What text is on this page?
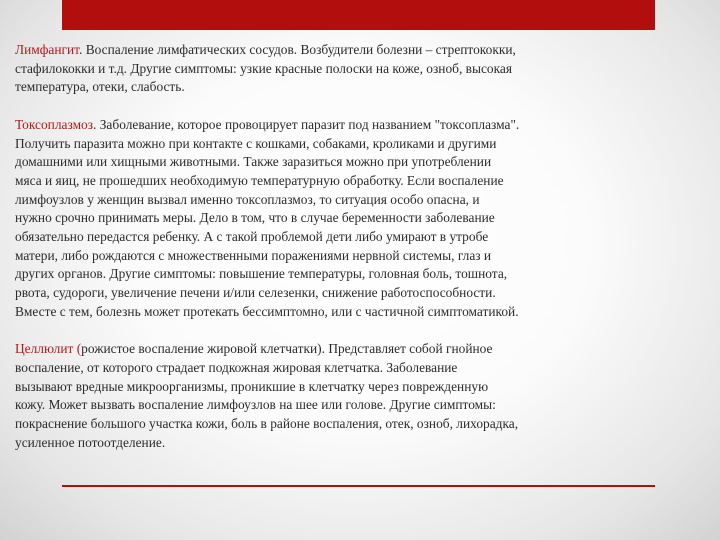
Лимфангит. Воспаление лимфатических сосудов. Возбудители болезни – стрептококки,
стафилококки и т.д. Другие симптомы: узкие красные полоски на коже, озноб, высокая
температура, отеки, слабость.

Токсоплазмоз. Заболевание, которое провоцирует паразит под названием "токсоплазма".
Получить паразита можно при контакте с кошками, собаками, кроликами и другими
домашними или хищными животными. Также заразиться можно при употреблении
мяса и яиц, не прошедших необходимую температурную обработку. Если воспаление
лимфоузлов у женщин вызвал именно токсоплазмоз, то ситуация особо опасна, и
нужно срочно принимать меры. Дело в том, что в случае беременности заболевание
обязательно передастся ребенку. А с такой проблемой дети либо умирают в утробе
матери, либо рождаются с множественными поражениями нервной системы, глаз и
других органов. Другие симптомы: повышение температуры, головная боль, тошнота,
рвота, судороги, увеличение печени и/или селезенки, снижение работоспособности.
Вместе с тем, болезнь может протекать бессимптомно, или с частичной симптоматикой.

Целлюлит (рожистое воспаление жировой клетчатки). Представляет собой гнойное
воспаление, от которого страдает подкожная жировая клетчатка. Заболевание
вызывают вредные микроорганизмы, проникшие в клетчатку через поврежденную
кожу. Может вызвать воспаление лимфоузлов на шее или голове. Другие симптомы:
покраснение большого участка кожи, боль в районе воспаления, отек, озноб, лихорадка,
усиленное потоотделение.
